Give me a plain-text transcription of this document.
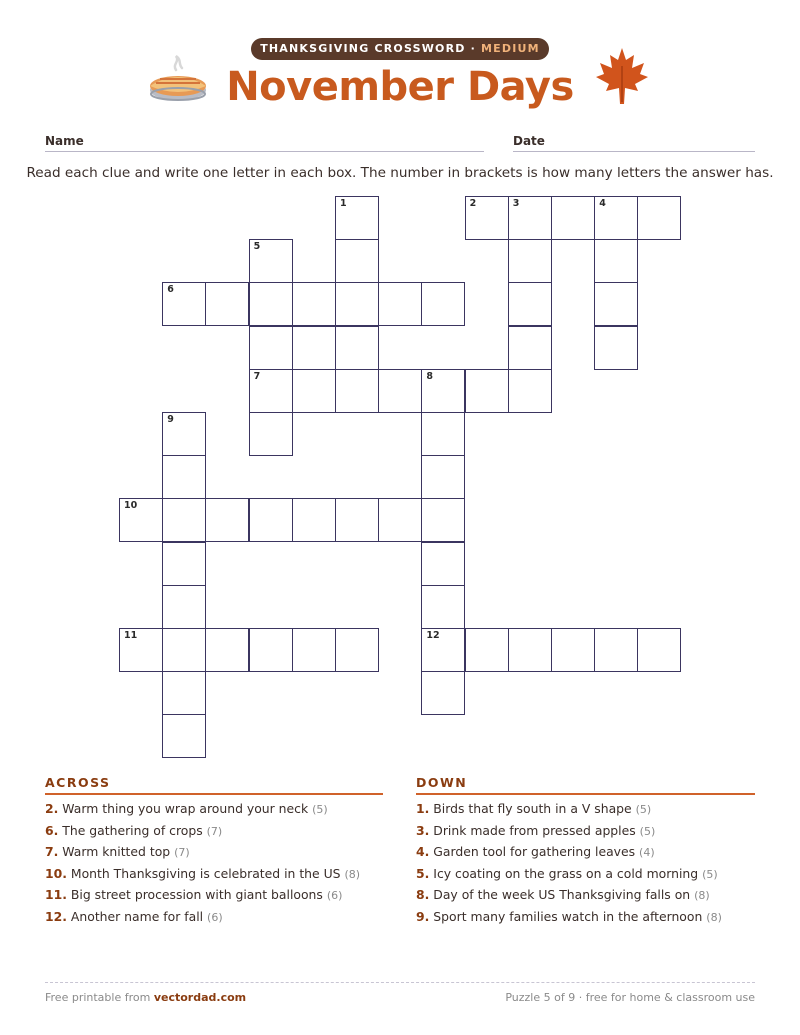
THANKSGIVING CROSSWORD · MEDIUM
November Days
Name	Date
Read each clue and write one letter in each box. The number in brackets is how many letters the answer has.
1	2	3	4
5
6
7	8
9
10
11	12
ACROSS
2. Warm thing you wrap around your neck (5)
6. The gathering of crops (7)
7. Warm knitted top (7)
10. Month Thanksgiving is celebrated in the US (8)
11. Big street procession with giant balloons (6)
12. Another name for fall (6)
DOWN
1. Birds that fly south in a V shape (5)
3. Drink made from pressed apples (5)
4. Garden tool for gathering leaves (4)
5. Icy coating on the grass on a cold morning (5)
8. Day of the week US Thanksgiving falls on (8)
9. Sport many families watch in the afternoon (8)
Free printable from vectordad.com	Puzzle 5 of 9 · free for home & classroom use
